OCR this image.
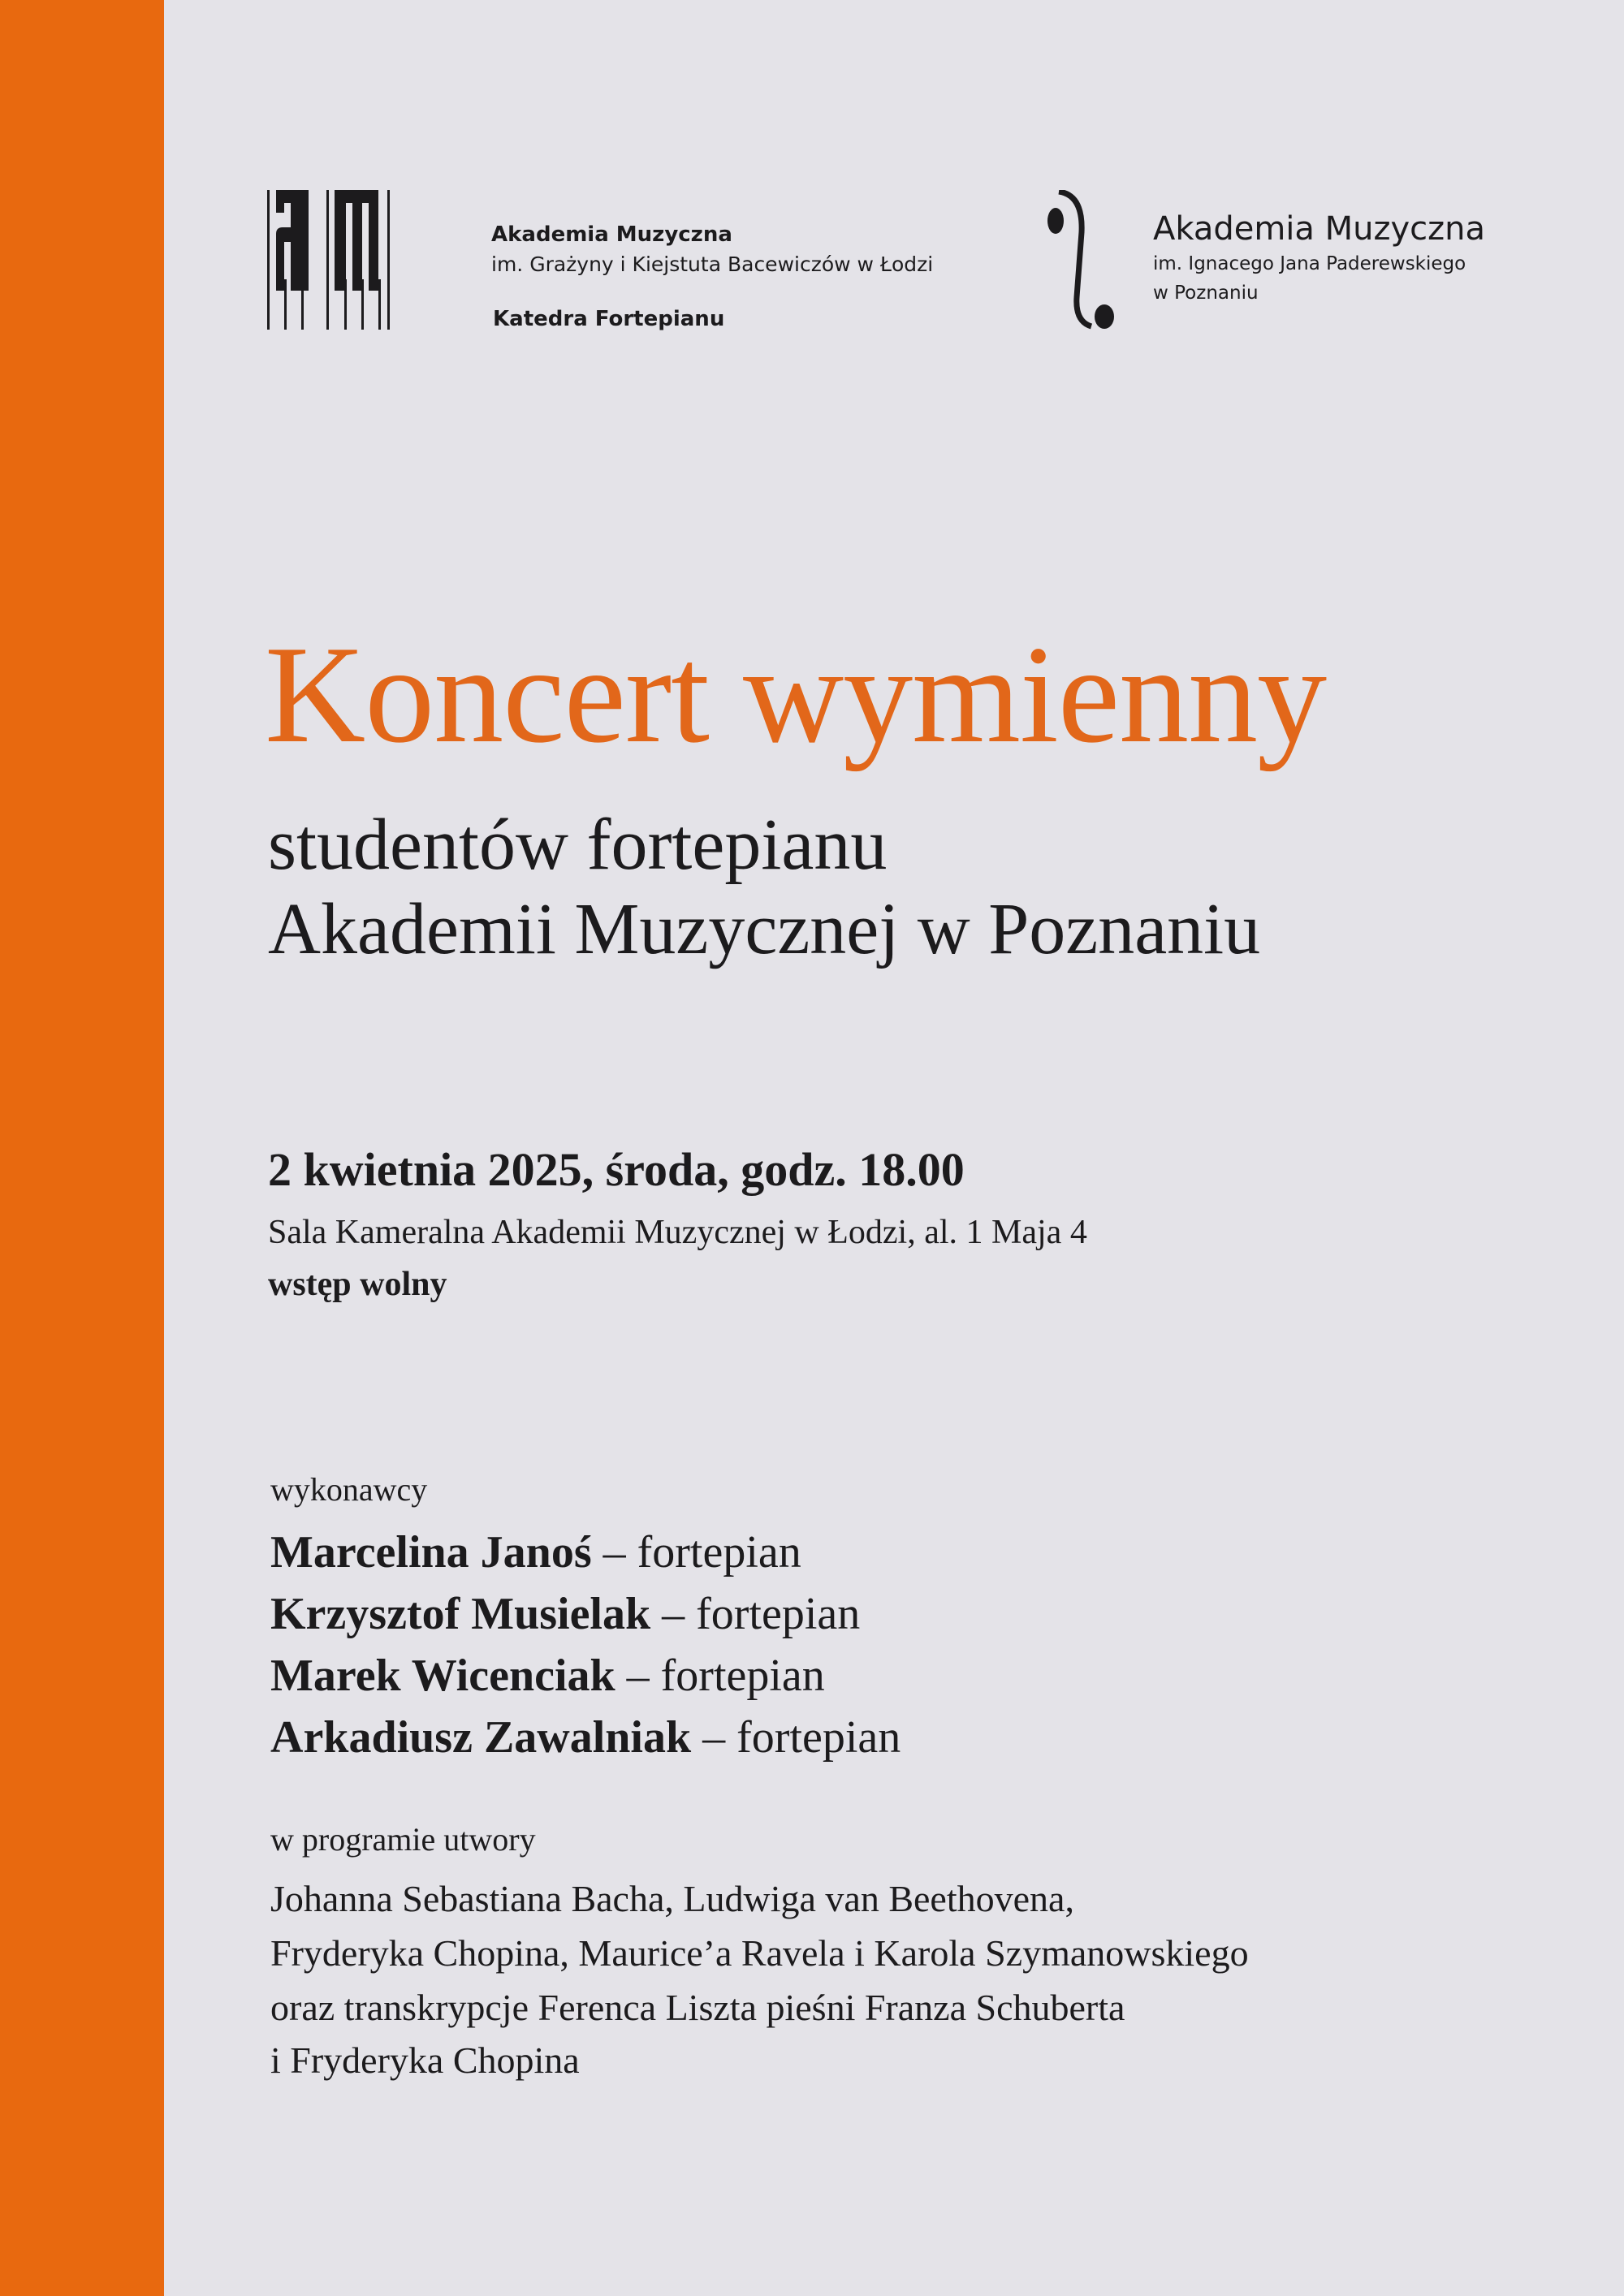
Akademia Muzyczna
im. Grażyny i Kiejstuta Bacewiczów w Łodzi
Katedra Fortepianu
Akademia Muzyczna
im. Ignacego Jana Paderewskiego
w Poznaniu
Koncert wymienny
studentów fortepianu
Akademii Muzycznej w Poznaniu
2 kwietnia 2025, środa, godz. 18.00
Sala Kameralna Akademii Muzycznej w Łodzi, al. 1 Maja 4
wstęp wolny
wykonawcy
Marcelina Janoś – fortepian
Krzysztof Musielak – fortepian
Marek Wicenciak – fortepian
Arkadiusz Zawalniak – fortepian
w programie utwory
Johanna Sebastiana Bacha, Ludwiga van Beethovena,
Fryderyka Chopina, Maurice’a Ravela i Karola Szymanowskiego
oraz transkrypcje Ferenca Liszta pieśni Franza Schuberta
i Fryderyka Chopina
